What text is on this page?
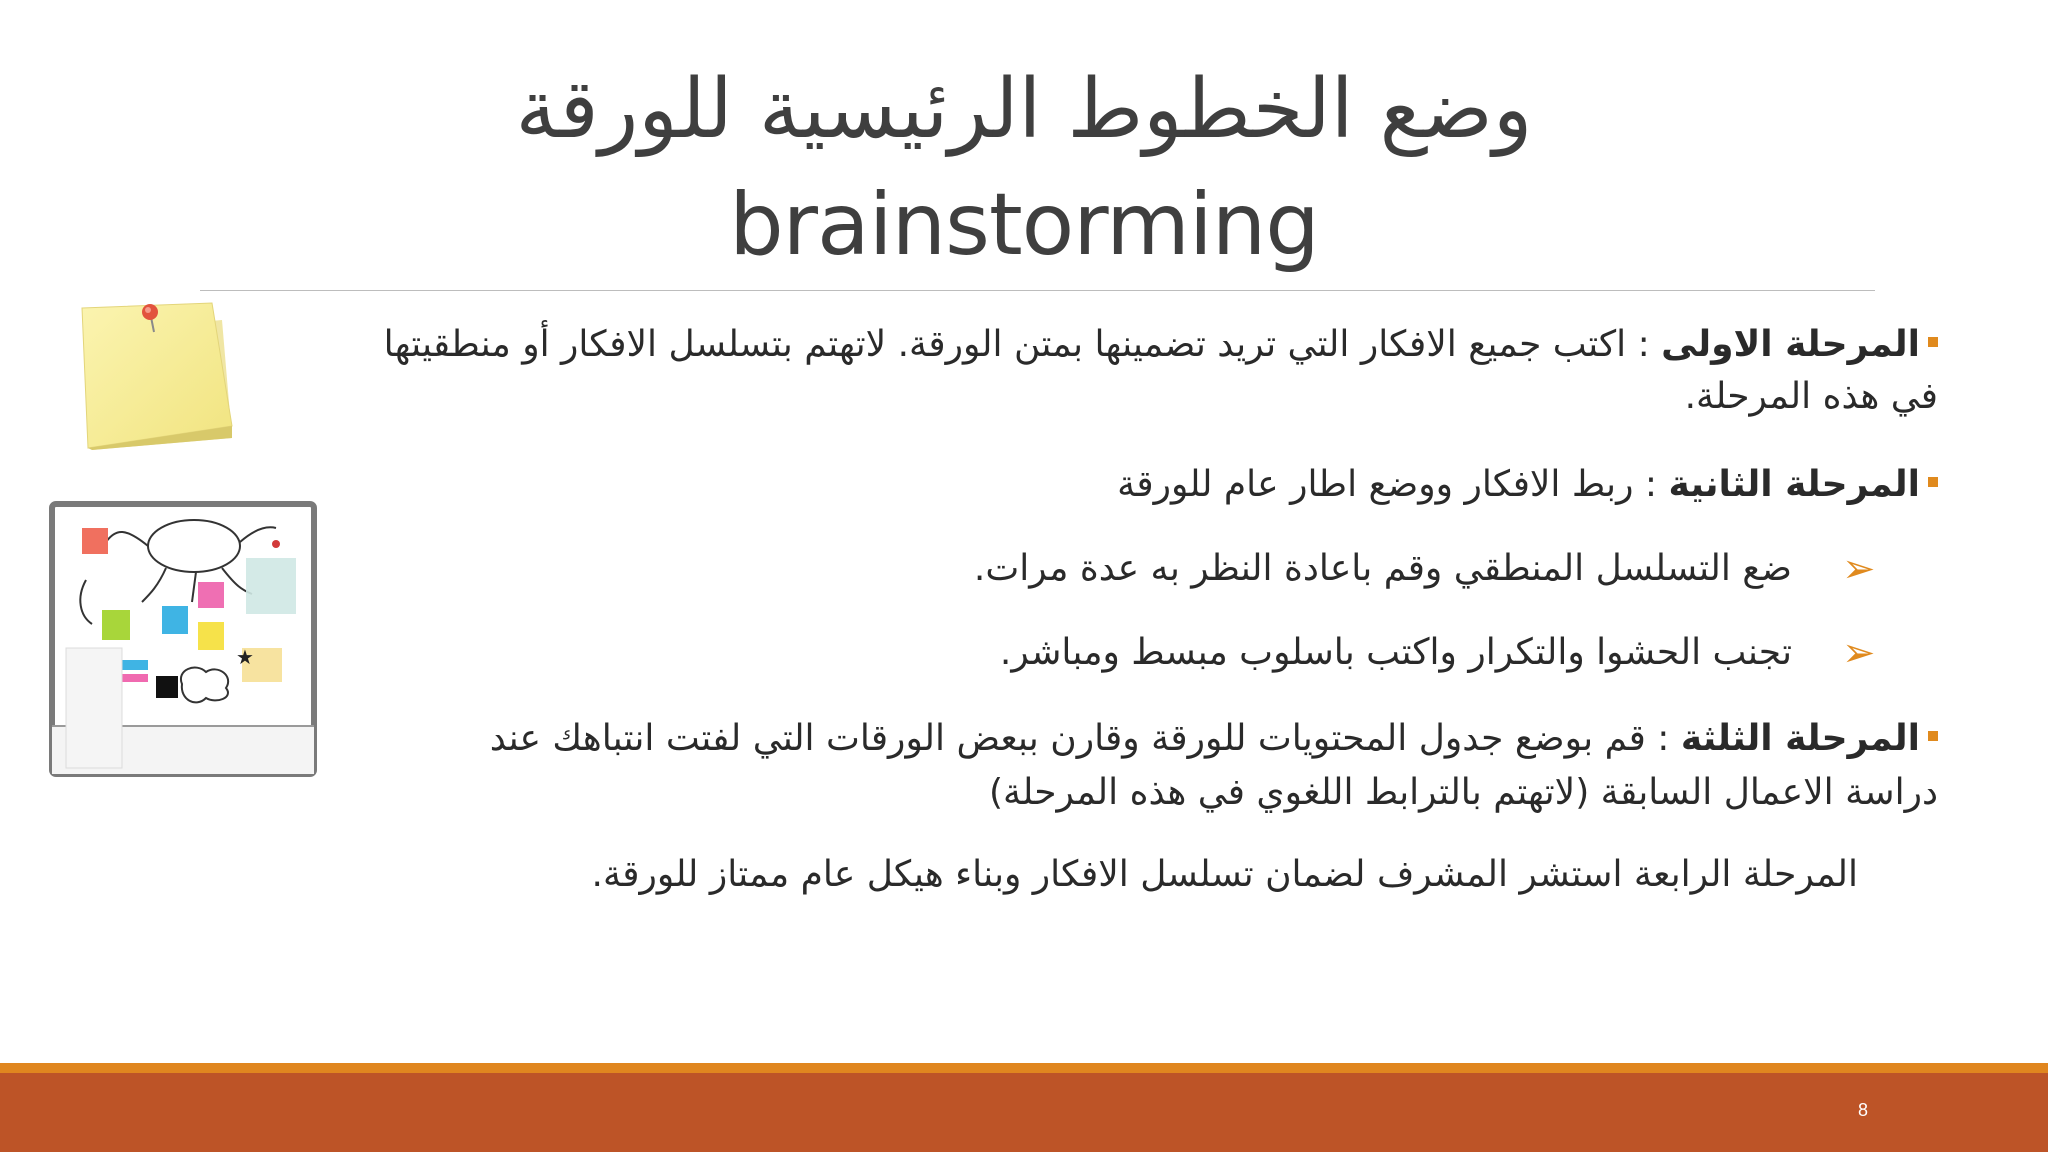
وضع الخطوط الرئيسية للورقة
brainstorming
★
المرحلة الاولى : اكتب جميع الافكار التي تريد تضمينها بمتن الورقة. لاتهتم بتسلسل الافكار أو منطقيتها
في هذه المرحلة.
المرحلة الثانية : ربط الافكار ووضع اطار عام للورقة
➢
ضع التسلسل المنطقي وقم باعادة النظر به عدة مرات.
➢
تجنب الحشوا والتكرار واكتب باسلوب مبسط ومباشر.
المرحلة الثلثة : قم بوضع جدول المحتويات للورقة وقارن ببعض الورقات التي لفتت انتباهك عند
دراسة الاعمال السابقة (لاتهتم بالترابط اللغوي في هذه المرحلة)
المرحلة الرابعة استشر المشرف لضمان تسلسل الافكار وبناء هيكل عام ممتاز للورقة.
8
